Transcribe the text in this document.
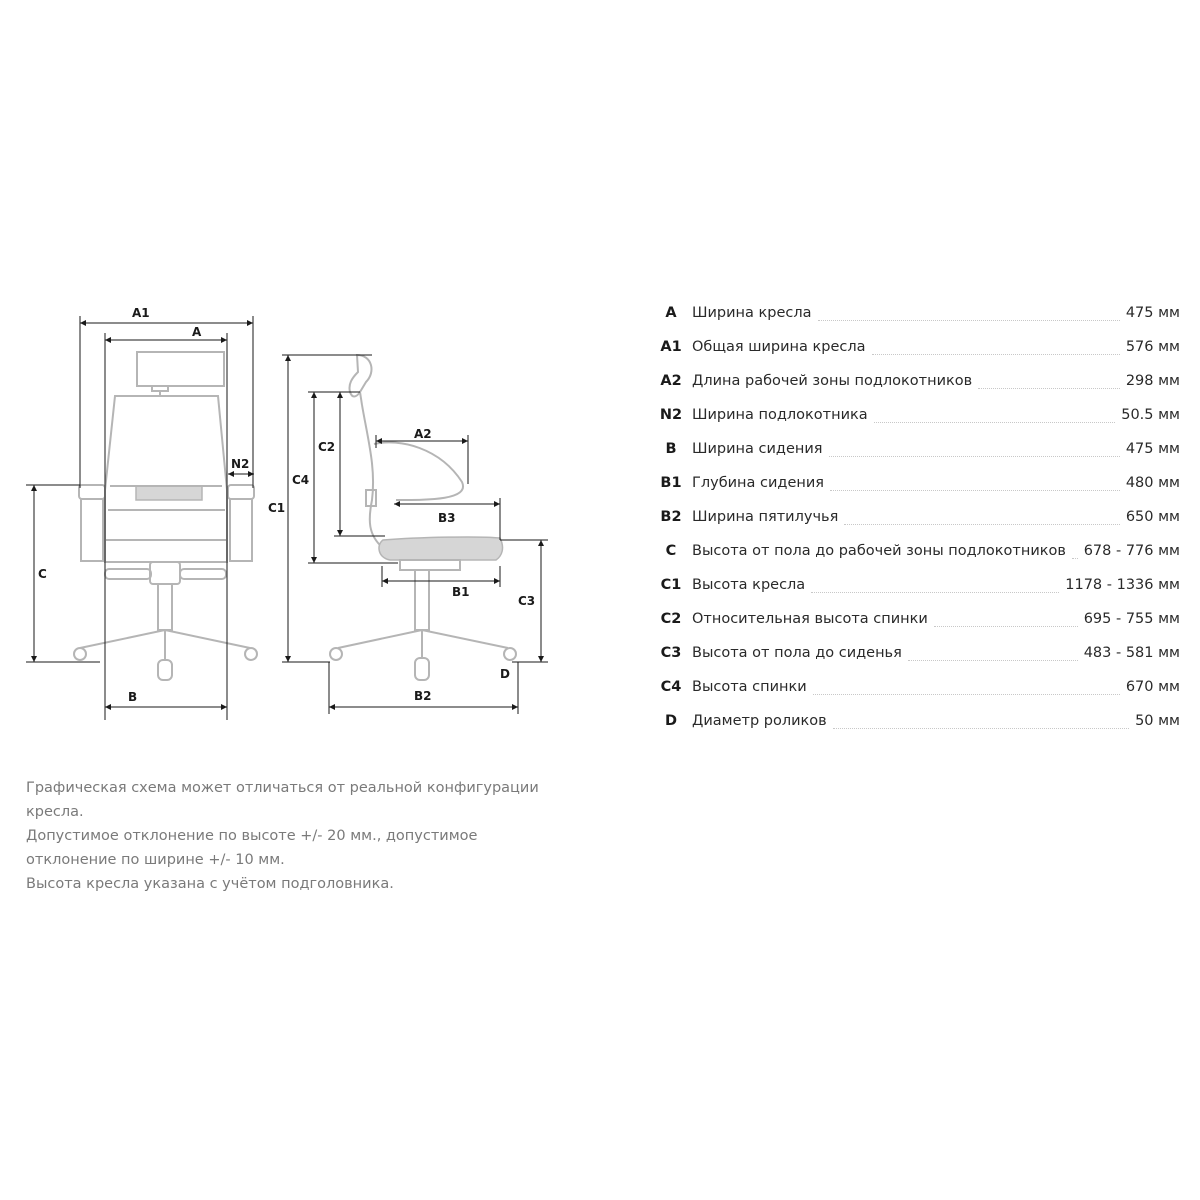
A1
A
N2
C
B
C1
C4
C2
A2
B3
B1
C3
D
B2
A	Ширина кресла	475 мм
A1 Общая ширина кресла	576 мм
A2 Длина рабочей зоны подлокотников	298 мм
N2 Ширина подлокотника	50.5 мм
B	Ширина сидения	475 мм
B1 Глубина сидения	480 мм
B2 Ширина пятилучья	650 мм
C	Высота от пола до рабочей зоны подлокотников 678 - 776 мм
C1 Высота кресла	1178 - 1336 мм
C2 Относительная высота спинки	695 - 755 мм
C3 Высота от пола до сиденья	483 - 581 мм
C4 Высота спинки	670 мм
D	Диаметр роликов	50 мм

Графическая схема может отличаться от реальной конфигурации кресла.

Допустимое отклонение по высоте +/- 20 мм., допустимое отклонение по ширине +/- 10 мм.

Высота кресла указана с учётом подголовника.
